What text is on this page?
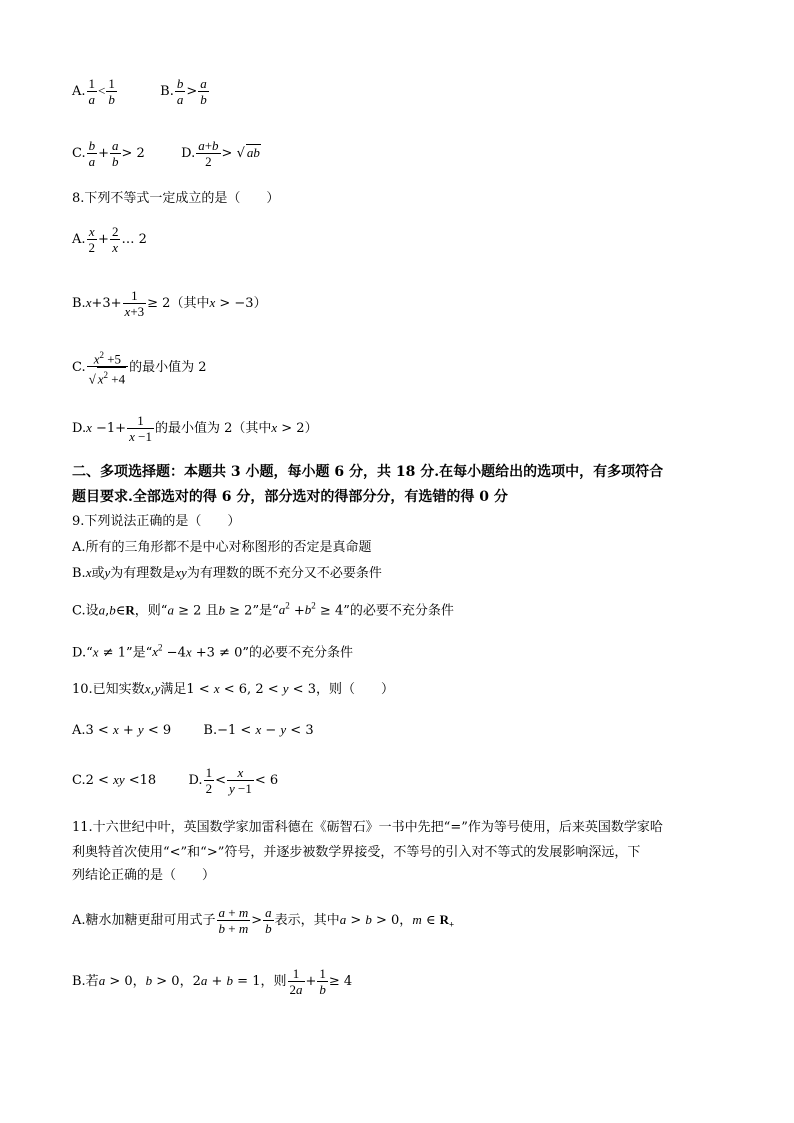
A. $\frac{1}{a} < \frac{1}{b}$	B. $\frac{b}{a} > \frac{a}{b}$
C. $\frac{b}{a} + \frac{a}{b} > 2$	D. $\frac{a+b}{2}$ > √ ab
8.下列不等式一定成立的是（　　）
A. $\frac{x}{2} + \frac{2}{x}$ … 2
$B.x+3+ \frac{1}{x+3} \ge 2$（其中x > −3）
C. $\frac{x^2 +5}{√ x^2 +4}$ 的最小值为 2
$D.x -1+ \frac{1}{x -1}$ 的最小值为 2（其中x > 2）
二、多项选择题：本题共 3 小题，每小题 6 分，共 18 分.在每小题给出的选项中，有多项符合
题目要求.全部选对的得 6 分，部分选对的得部分分，有选错的得 0 分
9.下列说法正确的是（　　）
A.所有的三角形都不是中心对称图形的否定是真命题
B.x或y为有理数是xy为有理数的既不充分又不必要条件
C.设a,b∈R，则“a ≥ 2 且b ≥ 2”是“$a^2 +b^2 \ge 4$”的必要不充分条件
D.“x ≠ 1”是“$x^2 -4x +3 \ne 0$”的必要不充分条件
10.已知实数x,y满足1 < x < 6, 2 < y < 3，则（　　）
A.3 < x + y < 9 B.−1 < x − y < 3
C.2 < xy <18 D. $\frac{1}{2} < \frac{x}{y -1} < 6$
11.十六世纪中叶，英国数学家加雷科德在《砺智石》一书中先把“=”作为等号使用，后来英国数学家哈
利奥特首次使用“<”和“>”符号，并逐步被数学界接受，不等号的引入对不等式的发展影响深远，下
列结论正确的是（　　）
A.糖水加糖更甜可用式子 $\frac{a + m}{b + m} > \frac{a}{b}$ 表示，其中a > b > 0，m ∈ $R_+$
B.若a > 0，b > 0，2a + b = 1，则 $\frac{1}{2a} + \frac{1}{b} \ge 4$
